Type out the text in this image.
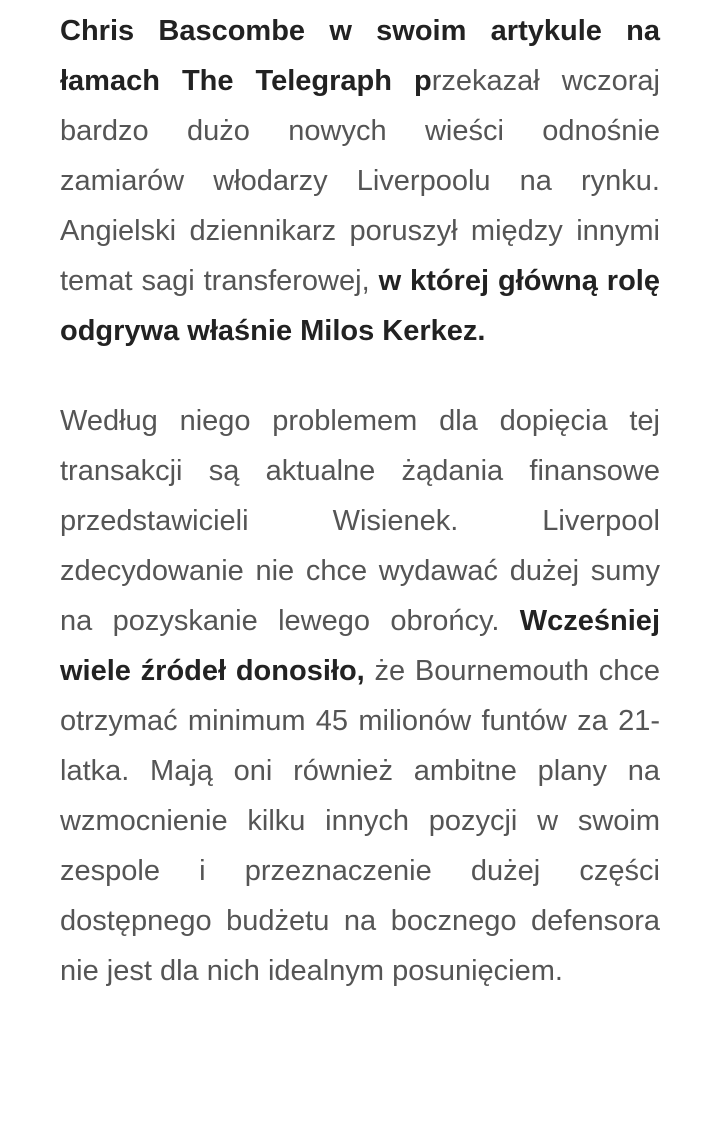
Chris Bascombe w swoim artykule na łamach The Telegraph przekazał wczoraj bardzo dużo nowych wieści odnośnie zamiarów włodarzy Liverpoolu na rynku. Angielski dziennikarz poruszył między innymi temat sagi transferowej, w której główną rolę odgrywa właśnie Milos Kerkez.

Według niego problemem dla dopięcia tej transakcji są aktualne żądania finansowe przedstawicieli Wisienek. Liverpool zdecydowanie nie chce wydawać dużej sumy na pozyskanie lewego obrońcy. Wcześniej wiele źródeł donosiło, że Bournemouth chce otrzymać minimum 45 milionów funtów za 21-latka. Mają oni również ambitne plany na wzmocnienie kilku innych pozycji w swoim zespole i przeznaczenie dużej części dostępnego budżetu na bocznego defensora nie jest dla nich idealnym posunięciem.
